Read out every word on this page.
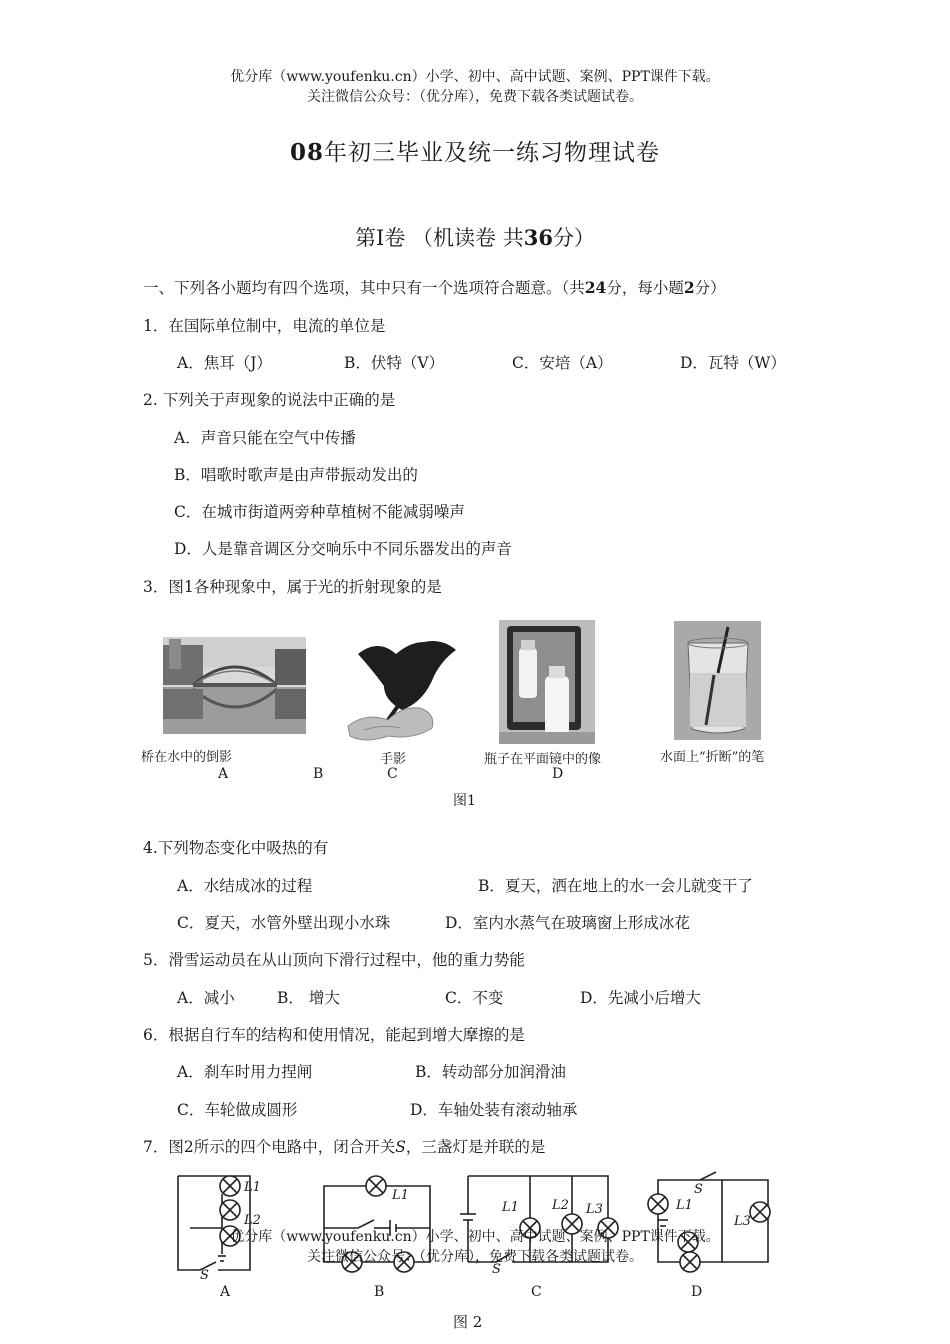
优分库（www.youfenku.cn）小学、初中、高中试题、案例、PPT课件下载。
关注微信公众号：（优分库），免费下载各类试题试卷。
08年初三毕业及统一练习物理试卷
第Ⅰ卷 （机读卷 共36分）
一、下列各小题均有四个选项，其中只有一个选项符合题意。（共24分，每小题2分）
1．在国际单位制中，电流的单位是
A．焦耳（J）	B．伏特（V）	C．安培（A）	D．瓦特（W）
2. 下列关于声现象的说法中正确的是
A．声音只能在空气中传播
B．唱歌时歌声是由声带振动发出的
C．在城市街道两旁种草植树不能减弱噪声
D．人是靠音调区分交响乐中不同乐器发出的声音
3．图1各种现象中，属于光的折射现象的是
桥在水中的倒影	手影	瓶子在平面镜中的像	水面上“折断”的笔
A	B	C	D
图1
4.下列物态变化中吸热的有
A．水结成冰的过程	B．夏天，洒在地上的水一会儿就变干了
C．夏天，水管外壁出现小水珠	D．室内水蒸气在玻璃窗上形成冰花
5．滑雪运动员在从山顶向下滑行过程中，他的重力势能
A．减小	B． 增大	C．不变	D．先减小后增大
6．根据自行车的结构和使用情况，能起到增大摩擦的是
A．刹车时用力捏闸	B．转动部分加润滑油
C．车轮做成圆形	D．车轴处装有滚动轴承
7．图2所示的四个电路中，闭合开关S，三盏灯是并联的是
L1
L2
S
L1
L1	L2 L3
S
S
L1
L3
A	B	C	D
图 2
优分库（www.youfenku.cn）小学、初中、高中试题、案例、PPT课件下载。
关注微信公众号：（优分库），免费下载各类试题试卷。
